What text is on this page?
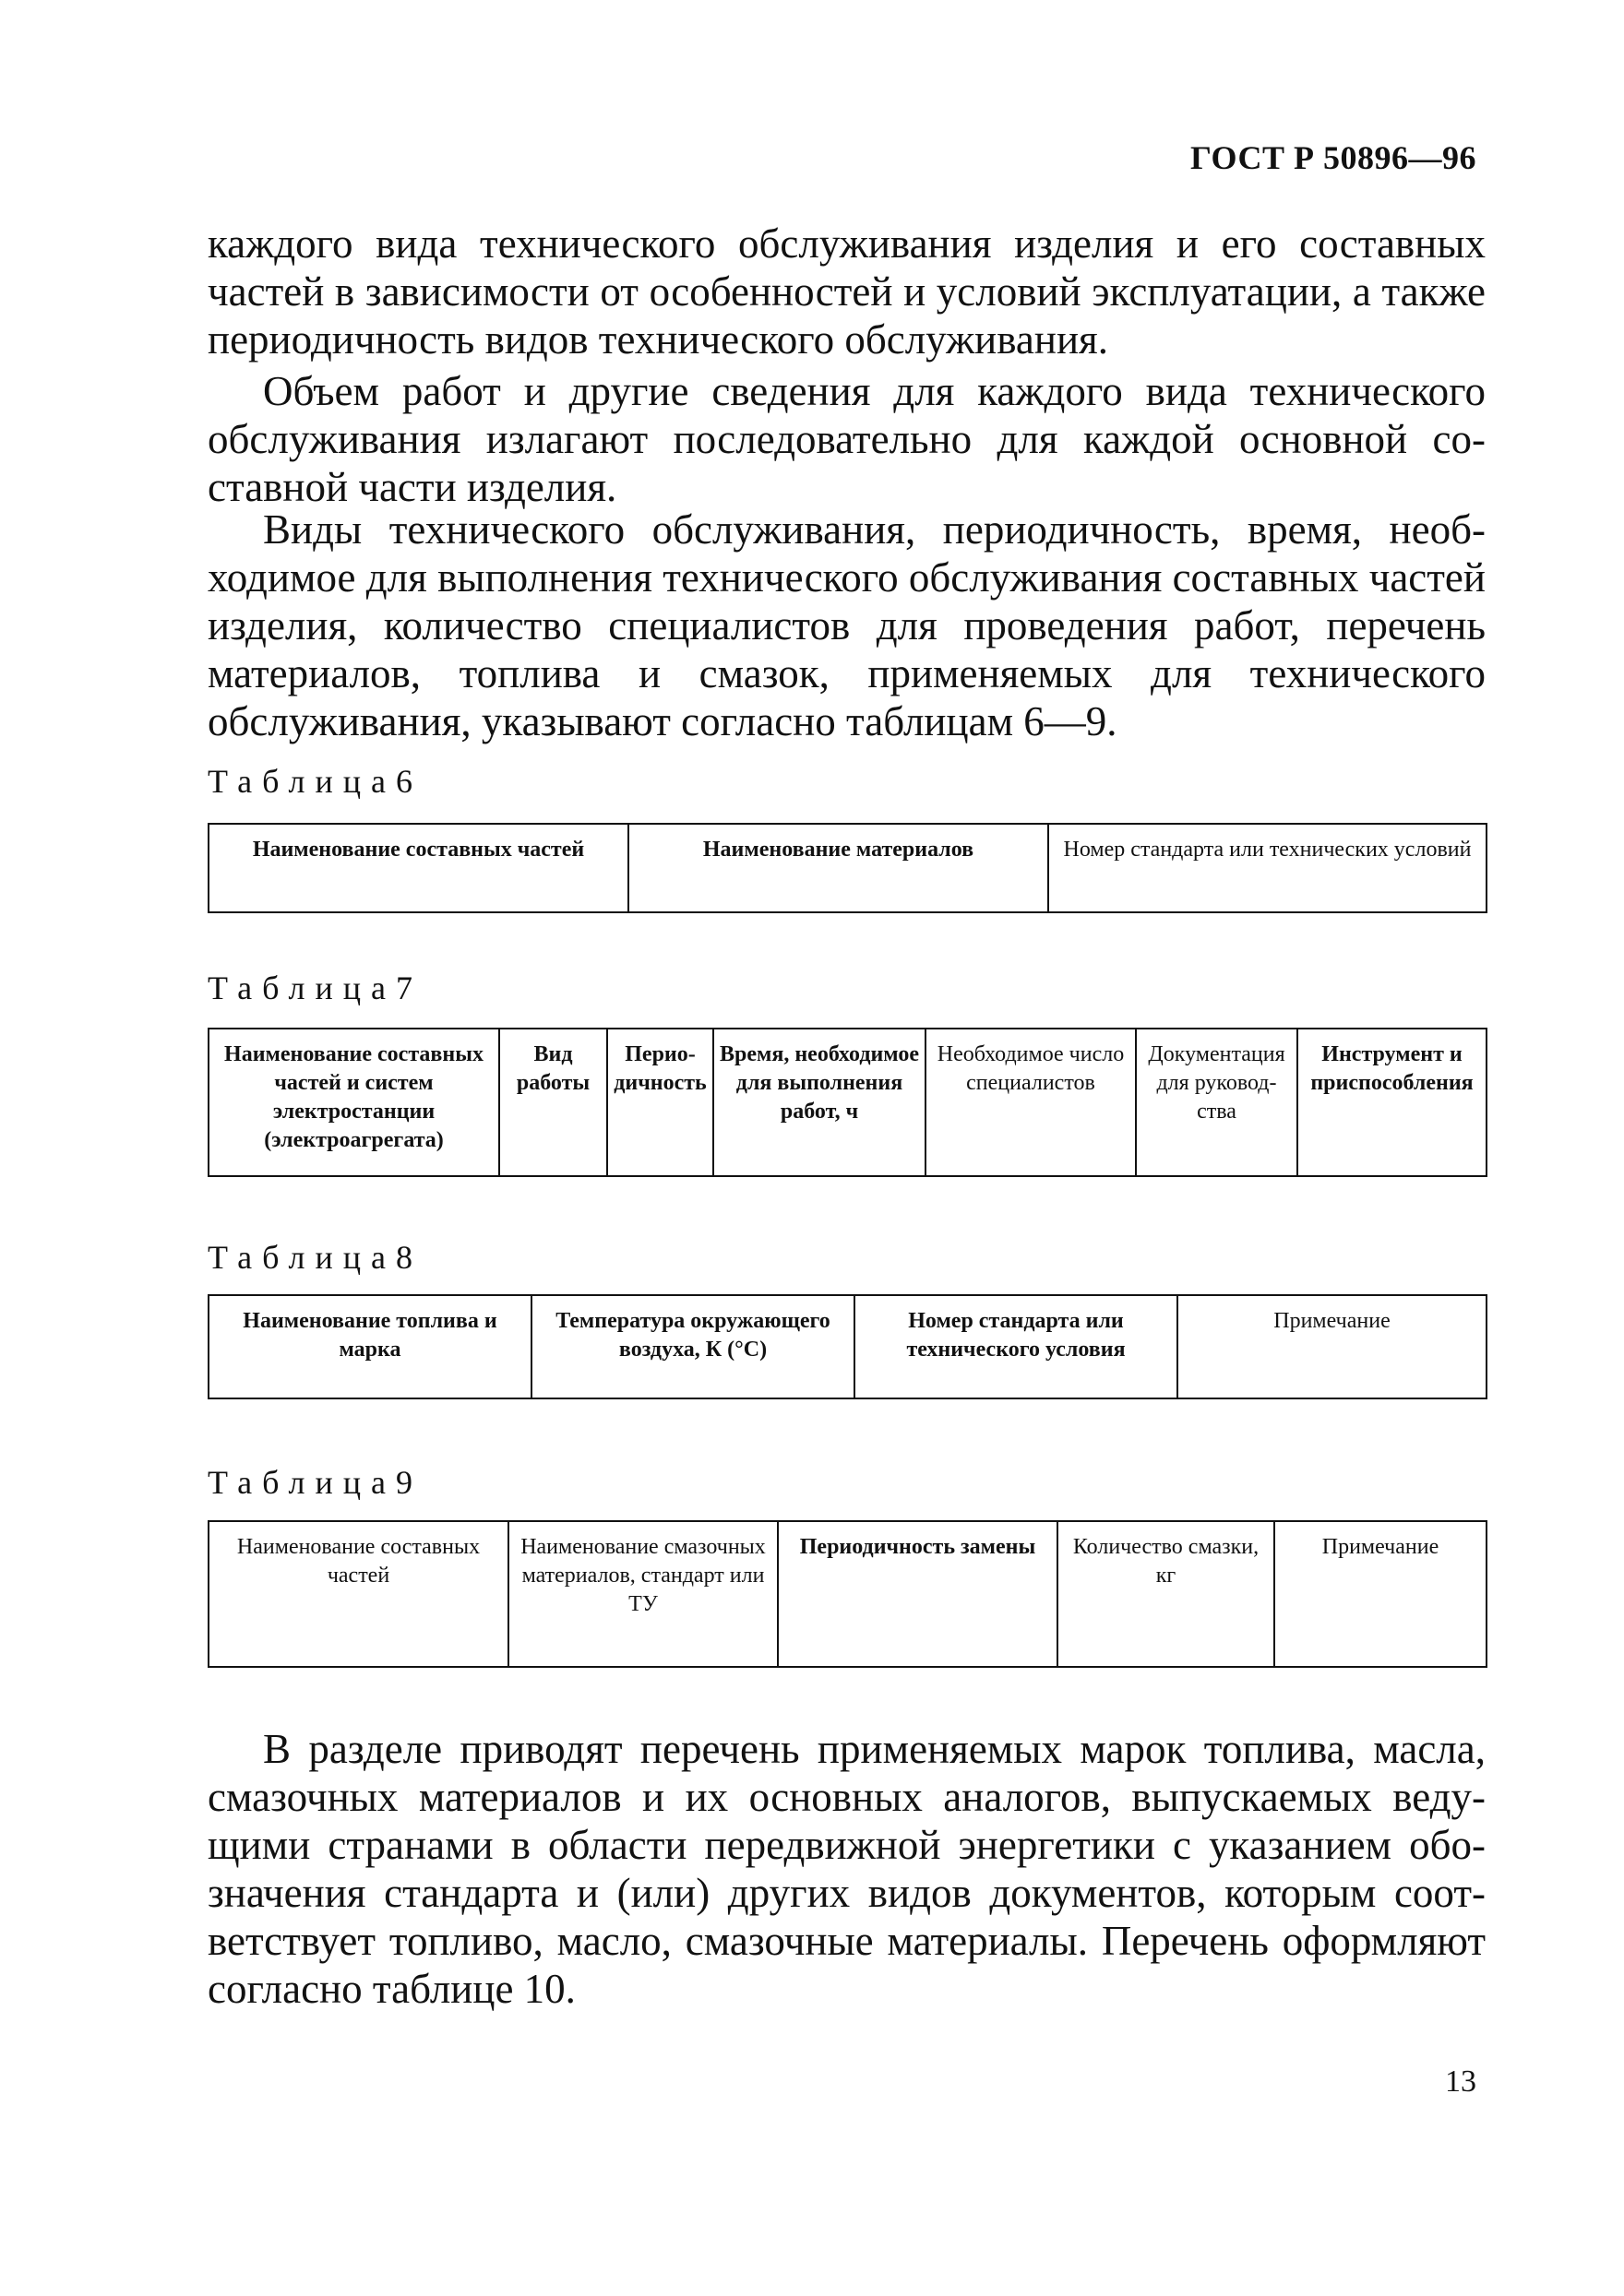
ГОСТ Р 50896—96

каждого вида технического обслуживания изделия и его составных частей в зависимости от особенностей и условий эксплуатации, а также периодичность видов технического обслуживания.

Объем работ и другие сведения для каждого вида технического обслуживания излагают последовательно для каждой основной составной части изделия.

Виды технического обслуживания, периодичность, время, необходимое для выполнения технического обслуживания составных частей изделия, количество специалистов для проведения работ, перечень материалов, топлива и смазок, применяемых для технического обслуживания, указывают согласно таблицам 6—9.

Таблица6

Наименование составных частей	Наименование материалов	Номер стандарта или технических условий

Таблица7

Наименование составных частей и систем электростанции (электроагрегата)	Вид работы	Периодичность	Время, необходимое для выполнения работ, ч	Необходимое число специалистов	Документация для руководства	Инструмент и приспособления

Таблица8

Наименование топлива и марка	Температура окружающего воздуха, К (°С)	Номер стандарта или технического условия	Примечание

Таблица9

Наименование составных частей	Наименование смазочных материалов, стандарт или ТУ	Периодичность замены	Количество смазки, кг	Примечание

В разделе приводят перечень применяемых марок топлива, масла, смазочных материалов и их основных аналогов, выпускаемых ведущими странами в области передвижной энергетики с указанием обозначения стандарта и (или) других видов документов, которым соответствует топливо, масло, смазочные материалы. Перечень оформляют согласно таблице 10.

13
